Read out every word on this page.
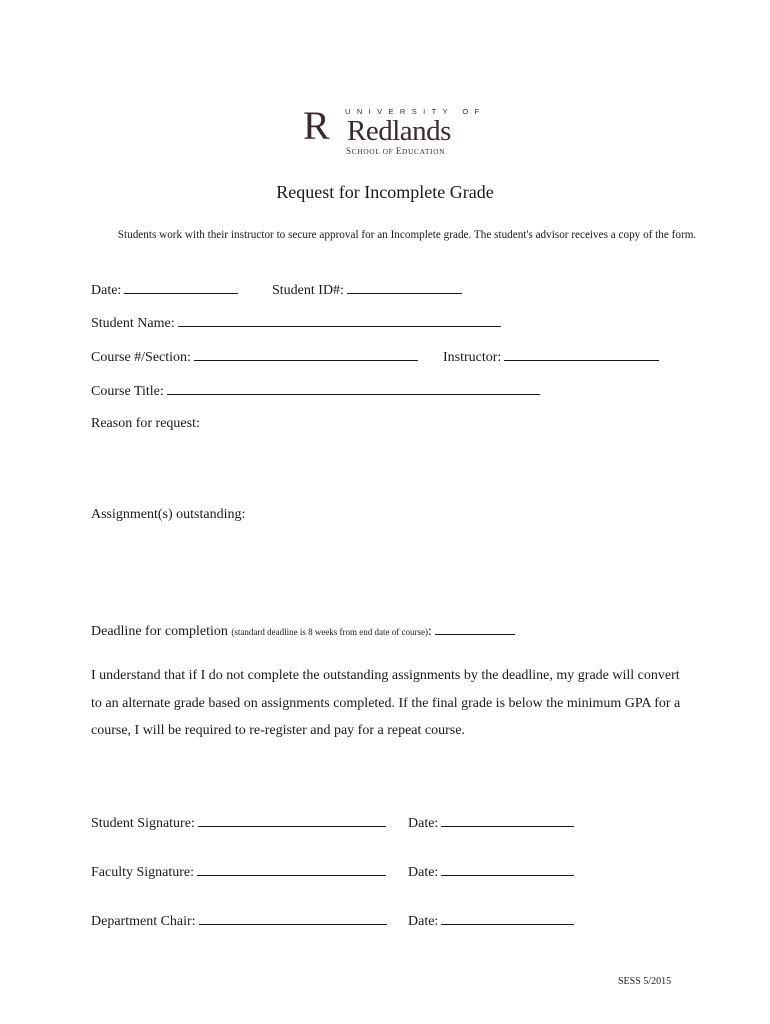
R UNIVERSITY OF
Redlands
SCHOOL OF EDUCATION
Request for Incomplete Grade
Students work with their instructor to secure approval for an Incomplete grade. The student's advisor receives a copy of the form.
Date:	Student ID#:
Student Name:
Course #/Section:	Instructor:
Course Title:
Reason for request:
Assignment(s) outstanding:
Deadline for completion (standard deadline is 8 weeks from end date of course):
I understand that if I do not complete the outstanding assignments by the deadline, my grade will convert to an alternate grade based on assignments completed. If the final grade is below the minimum GPA for a course, I will be required to re-register and pay for a repeat course.
Student Signature:	Date:
Faculty Signature:	Date:
Department Chair:	Date:
SESS 5/2015
